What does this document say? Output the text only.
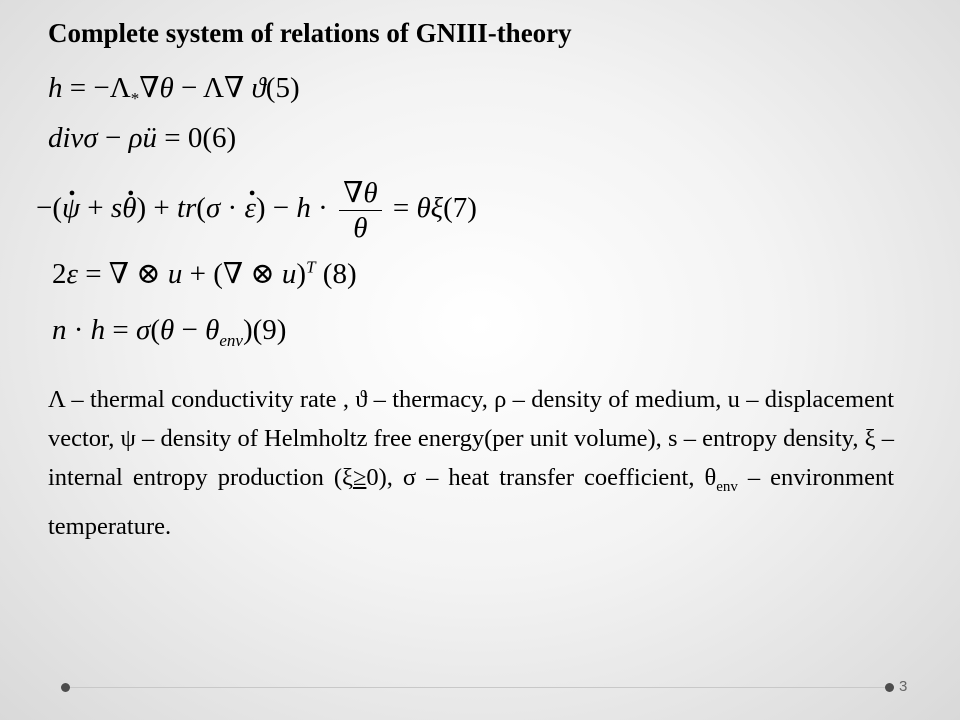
Complete system of relations of GNIII-theory
$h = -\Lambda_*\nabla\theta - \Lambda\nabla$ ϑ(5)
divσ − ρü = 0(6)
−(. ψ + s. θ) + tr(σ · . $\varepsilon) - h \cdot \frac{\nabla\theta}{\theta} = \theta\xi(7)$
2ε = ∇ ⊗ u + (∇ ⊗ u)$^T$ (8)
$n \cdot h = \sigma(\theta - \theta_{env})(9)$
Λ – thermal conductivity rate , ϑ – thermacy, ρ – density of medium, u – displacement vector, ψ – density of Helmholtz free energy(per unit volume), s – entropy density, ξ – internal entropy production (ξ≥0), σ – heat transfer coefficient, $\theta_{env}$ – environment temperature.
3
